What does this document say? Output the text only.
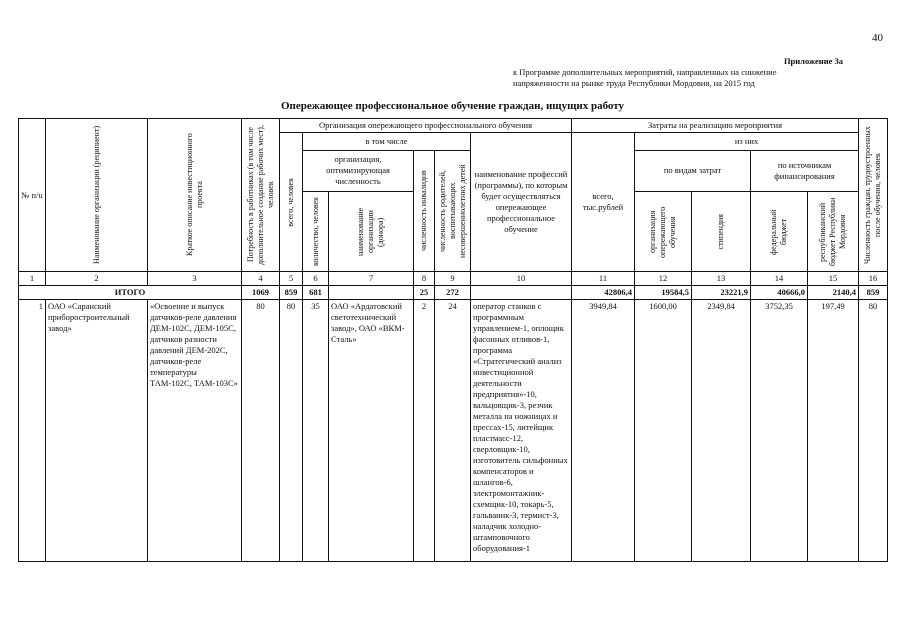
40
Приложение 3а
к Программе дополнительных мероприятий, направленных на снижение
напряженности на рынке труда Республики Мордовия, на 2015 год
Опережающее профессиональное обучение граждан, ищущих работу
№ п/u	Наименование организации (реципиент)	Краткое описание инвестиционного проекта	Потребность в работниках (в том числе дополнительное создание рабочих мест), человек	Организация опережающего профессионального обучения						Затраты на реализацию мероприятия					Численность граждан, трудоустроенных после обучения, человек

				всего, человек	в том числе				наименование профессий (программы), по которым будет осуществляться опережающее профессиональное обучение	всего, тыс.рублей	из них				
					организация, оптимизирующая численность		численность инвалидов	численность родителей, воспитывающих несовершеннолетних детей			по видам затрат		по источникам финансирования		

					количество, человек	наименование организации (донора)					организация опережающего обучения	стипендия	федеральный бюджет	республиканский бюджет Республики Мордовия	

1	2	3	4	5	6	7	8	9	10	11	12	13	14	15	16
ИТОГО			1069	859	681		25	272		42806,4	19584,5	23221,9	40666,0	2140,4	859
1	ОАО «Саранский приборостроительный завод»	«Освоение и выпуск датчиков-реле давления ДЕМ-102С, ДЕМ-105С, датчиков разности давлений ДЕМ-202С, датчиков-реле температуры ТАМ-102С, ТАМ-103С»	80	80	35	ОАО «Ардатовский светотехнический завод», ОАО «ВКМ-Сталь»	2	24	оператор станков с программным управлением-1, оплощик фасонных отливов-1, программа «Стратегический анализ инвестиционной деятельности предприятия»-10, вальцовщик-3, резчик металла на ножницах и прессах-15, литейщик пластмасс-12, сверловщик-10, изготовитель сильфонных компенсаторов и шлангов-6, электромонтажник-схемщик-10, токарь-5, гальваник-3, термист-3, наладчик холодно-штамповочного оборудования-1	3949,84	1600,00	2349,84	3752,35	197,49	80
